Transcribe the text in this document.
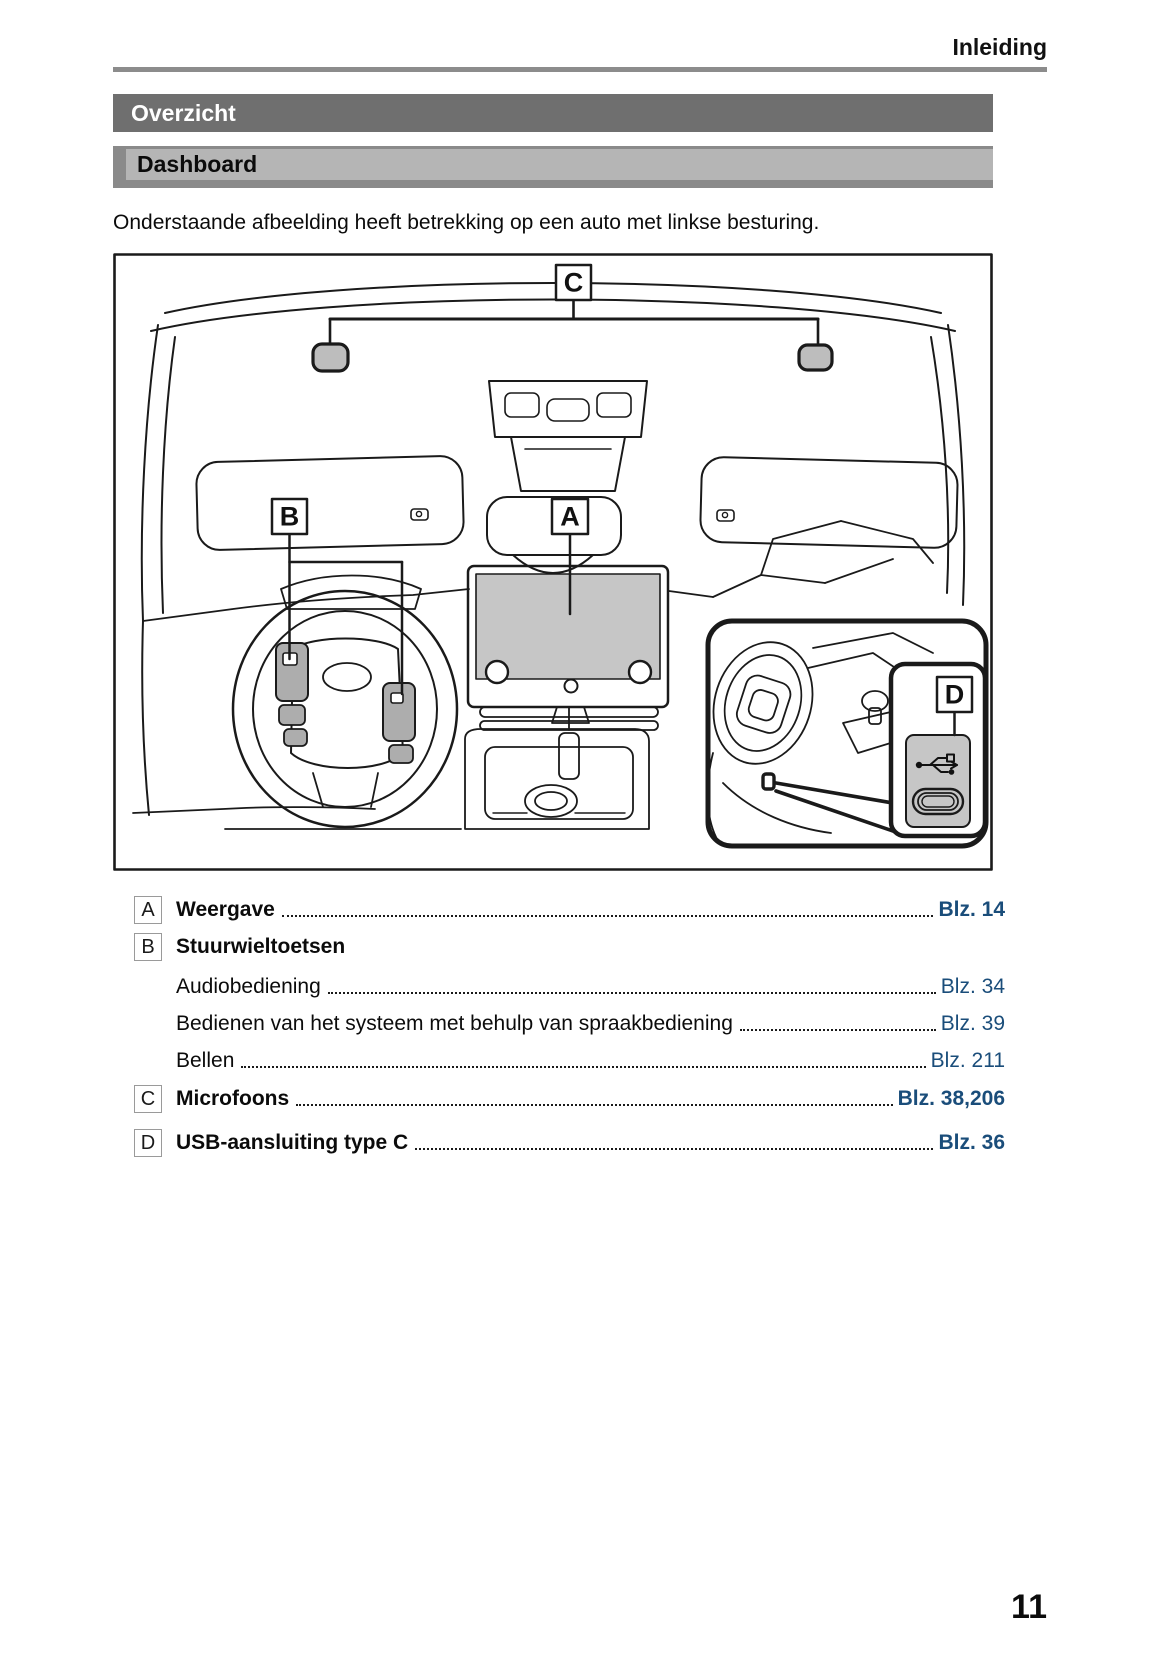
Inleiding
Overzicht
Dashboard

Onderstaande afbeelding heeft betrekking op een auto met linkse besturing.

C
B	A
D
A	Weergave	Blz. 14
B	Stuurwieltoetsen
Audiobediening	Blz. 34
Bedienen van het systeem met behulp van spraakbediening	Blz. 39
Bellen	Blz. 211
C Microfoons	Blz. 38,206
D USB-aansluiting type C	Blz. 36
11
